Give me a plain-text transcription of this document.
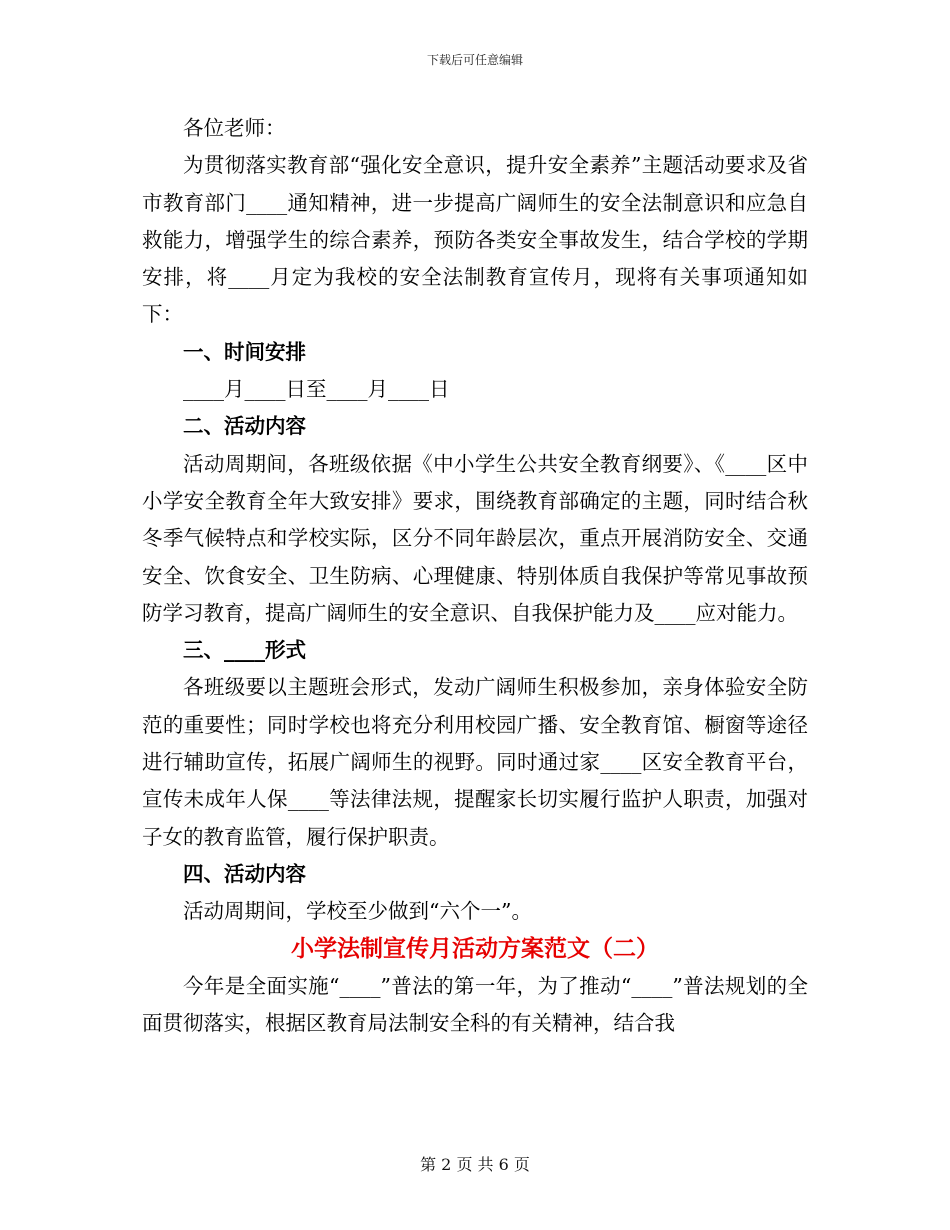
下载后可任意编辑

各位老师：

为贯彻落实教育部“强化安全意识，提升安全素养”主题活动要求及省市教育部门____通知精神，进一步提高广阔师生的安全法制意识和应急自救能力，增强学生的综合素养，预防各类安全事故发生，结合学校的学期安排，将____月定为我校的安全法制教育宣传月，现将有关事项通知如下：

一、时间安排

____月____日至____月____日

二、活动内容

活动周期间，各班级依据《中小学生公共安全教育纲要》、《____区中小学安全教育全年大致安排》要求，围绕教育部确定的主题，同时结合秋冬季气候特点和学校实际，区分不同年龄层次，重点开展消防安全、交通安全、饮食安全、卫生防病、心理健康、特别体质自我保护等常见事故预防学习教育，提高广阔师生的安全意识、自我保护能力及____应对能力。

三、____形式

各班级要以主题班会形式，发动广阔师生积极参加，亲身体验安全防范的重要性；同时学校也将充分利用校园广播、安全教育馆、橱窗等途径进行辅助宣传，拓展广阔师生的视野。同时通过家____区安全教育平台，宣传未成年人保____等法律法规，提醒家长切实履行监护人职责，加强对子女的教育监管，履行保护职责。

四、活动内容

活动周期间，学校至少做到“六个一”。

小学法制宣传月活动方案范文（二）

今年是全面实施“____”普法的第一年，为了推动“____”普法规划的全面贯彻落实，根据区教育局法制安全科的有关精神，结合我

第 2 页 共 6 页
